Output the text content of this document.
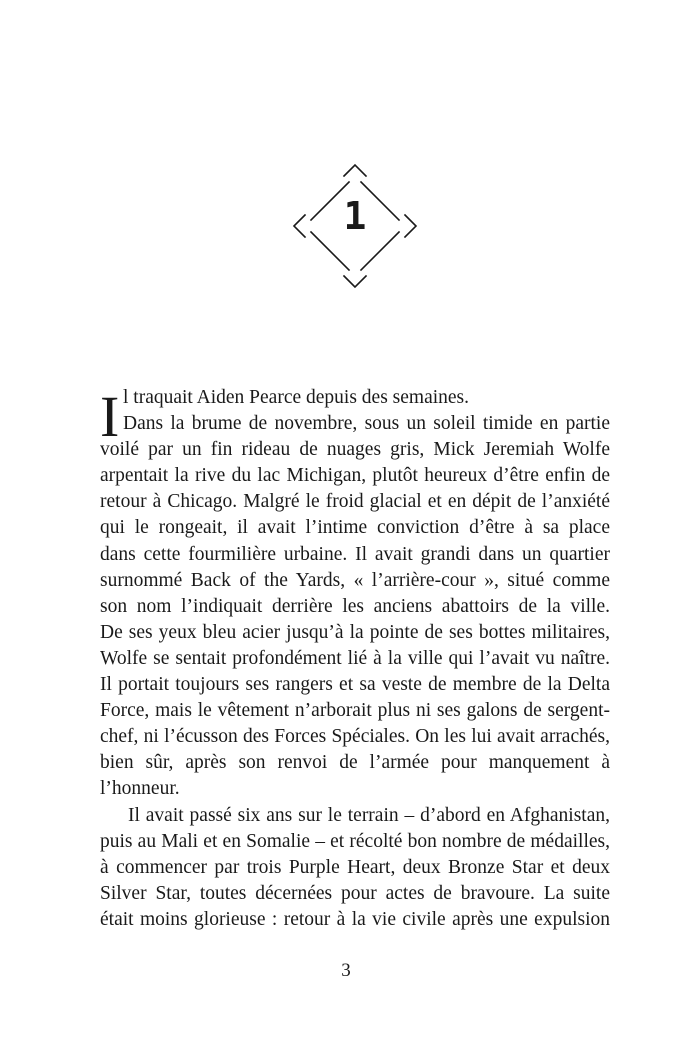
1
I l traquait Aiden Pearce depuis des semaines.
Dans la brume de novembre, sous un soleil timide en partie
voilé par un fin rideau de nuages gris, Mick Jeremiah Wolfe
arpentait la rive du lac Michigan, plutôt heureux d’être enfin de
retour à Chicago. Malgré le froid glacial et en dépit de l’anxiété
qui le rongeait, il avait l’intime conviction d’être à sa place
dans cette fourmilière urbaine. Il avait grandi dans un quartier
surnommé Back of the Yards, « l’arrière-cour », situé comme
son nom l’indiquait derrière les anciens abattoirs de la ville.
De ses yeux bleu acier jusqu’à la pointe de ses bottes militaires,
Wolfe se sentait profondément lié à la ville qui l’avait vu naître.
Il portait toujours ses rangers et sa veste de membre de la Delta
Force, mais le vêtement n’arborait plus ni ses galons de sergent-
chef, ni l’écusson des Forces Spéciales. On les lui avait arrachés,
bien sûr, après son renvoi de l’armée pour manquement à
l’honneur.
Il avait passé six ans sur le terrain – d’abord en Afghanistan,
puis au Mali et en Somalie – et récolté bon nombre de médailles,
à commencer par trois Purple Heart, deux Bronze Star et deux
Silver Star, toutes décernées pour actes de bravoure. La suite
était moins glorieuse : retour à la vie civile après une expulsion
3
